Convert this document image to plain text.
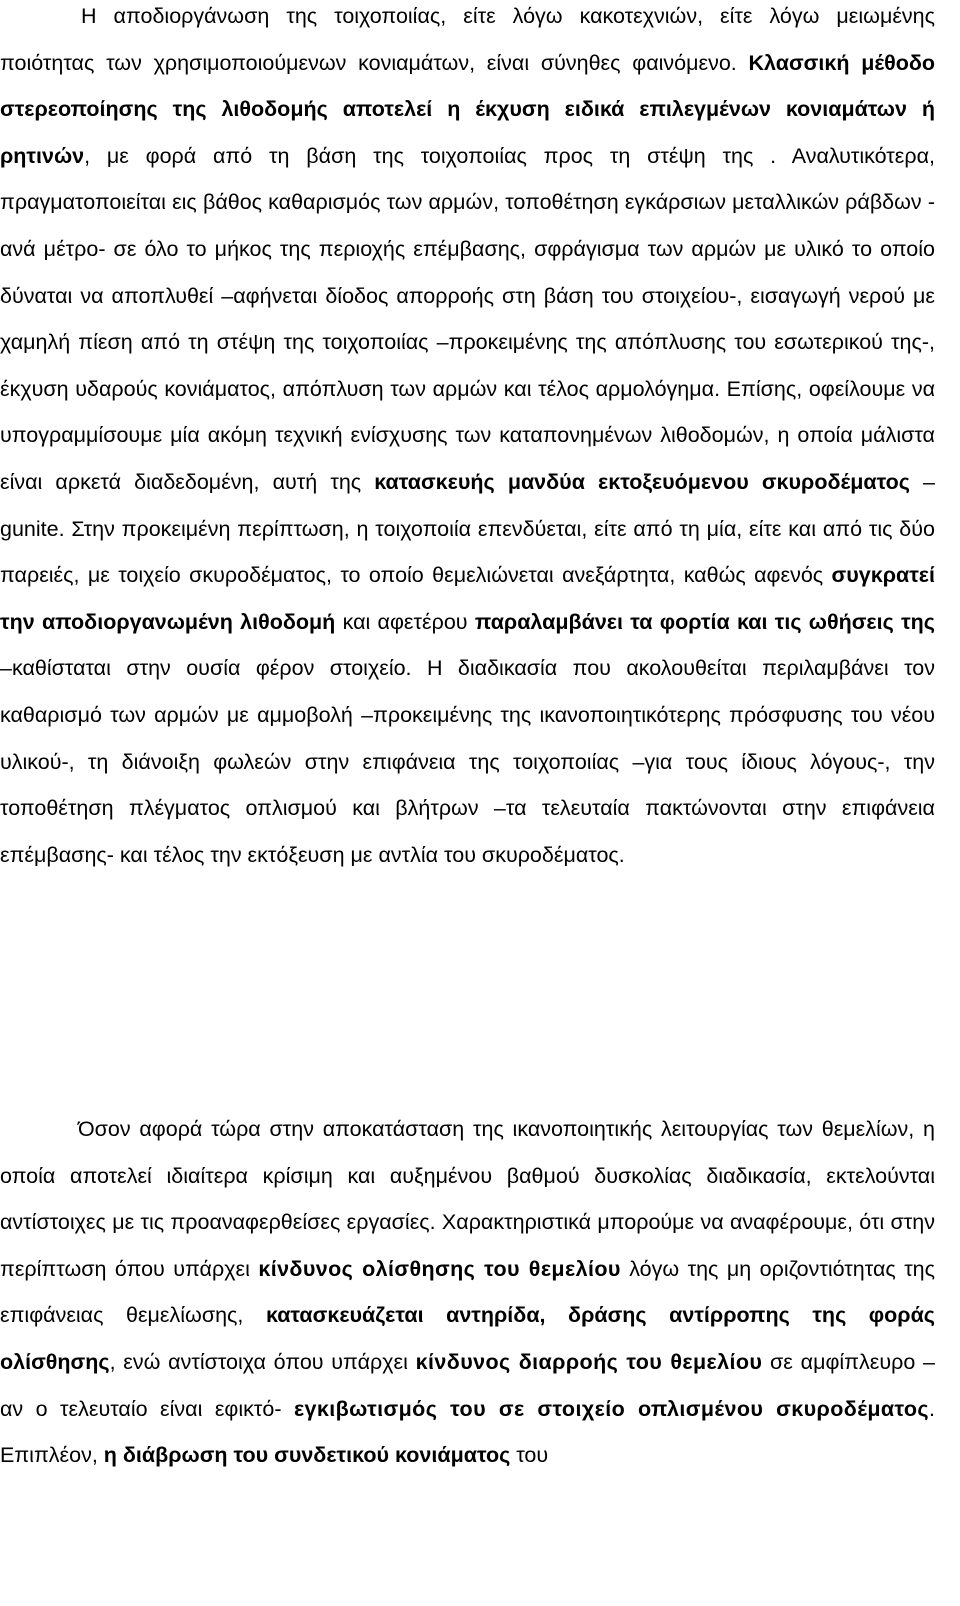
Η αποδιοργάνωση της τοιχοποιίας, είτε λόγω κακοτεχνιών, είτε λόγω μειωμένης ποιότητας των χρησιμοποιούμενων κονιαμάτων, είναι σύνηθες φαινόμενο. Κλασσική μέθοδο στερεοποίησης της λιθοδομής αποτελεί η έκχυση ειδικά επιλεγμένων κονιαμάτων ή ρητινών, με φορά από τη βάση της τοιχοποιίας προς τη στέψη της . Αναλυτικότερα, πραγματοποιείται εις βάθος καθαρισμός των αρμών, τοποθέτηση εγκάρσιων μεταλλικών ράβδων - ανά μέτρο- σε όλο το μήκος της περιοχής επέμβασης, σφράγισμα των αρμών με υλικό το οποίο δύναται να αποπλυθεί –αφήνεται δίοδος απορροής στη βάση του στοιχείου-, εισαγωγή νερού με χαμηλή πίεση από τη στέψη της τοιχοποιίας –προκειμένης της απόπλυσης του εσωτερικού της-, έκχυση υδαρούς κονιάματος, απόπλυση των αρμών και τέλος αρμολόγημα. Επίσης, οφείλουμε να υπογραμμίσουμε μία ακόμη τεχνική ενίσχυσης των καταπονημένων λιθοδομών, η οποία μάλιστα είναι αρκετά διαδεδομένη, αυτή της κατασκευής μανδύα εκτοξευόμενου σκυροδέματος –gunite. Στην προκειμένη περίπτωση, η τοιχοποιία επενδύεται, είτε από τη μία, είτε και από τις δύο παρειές, με τοιχείο σκυροδέματος, το οποίο θεμελιώνεται ανεξάρτητα, καθώς αφενός συγκρατεί την αποδιοργανωμένη λιθοδομή και αφετέρου παραλαμβάνει τα φορτία και τις ωθήσεις της –καθίσταται στην ουσία φέρον στοιχείο. Η διαδικασία που ακολουθείται περιλαμβάνει τον καθαρισμό των αρμών με αμμοβολή –προκειμένης της ικανοποιητικότερης πρόσφυσης του νέου υλικού-, τη διάνοιξη φωλεών στην επιφάνεια της τοιχοποιίας –για τους ίδιους λόγους-, την τοποθέτηση πλέγματος οπλισμού και βλήτρων –τα τελευταία πακτώνονται στην επιφάνεια επέμβασης- και τέλος την εκτόξευση με αντλία του σκυροδέματος.

Όσον αφορά τώρα στην αποκατάσταση της ικανοποιητικής λειτουργίας των θεμελίων, η οποία αποτελεί ιδιαίτερα κρίσιμη και αυξημένου βαθμού δυσκολίας διαδικασία, εκτελούνται αντίστοιχες με τις προαναφερθείσες εργασίες. Χαρακτηριστικά μπορούμε να αναφέρουμε, ότι στην περίπτωση όπου υπάρχει κίνδυνος ολίσθησης του θεμελίου λόγω της μη οριζοντιότητας της επιφάνειας θεμελίωσης, κατασκευάζεται αντηρίδα, δράσης αντίρροπης της φοράς ολίσθησης, ενώ αντίστοιχα όπου υπάρχει κίνδυνος διαρροής του θεμελίου σε αμφίπλευρο –αν ο τελευταίο είναι εφικτό- εγκιβωτισμός του σε στοιχείο οπλισμένου σκυροδέματος. Επιπλέον, η διάβρωση του συνδετικού κονιάματος του
